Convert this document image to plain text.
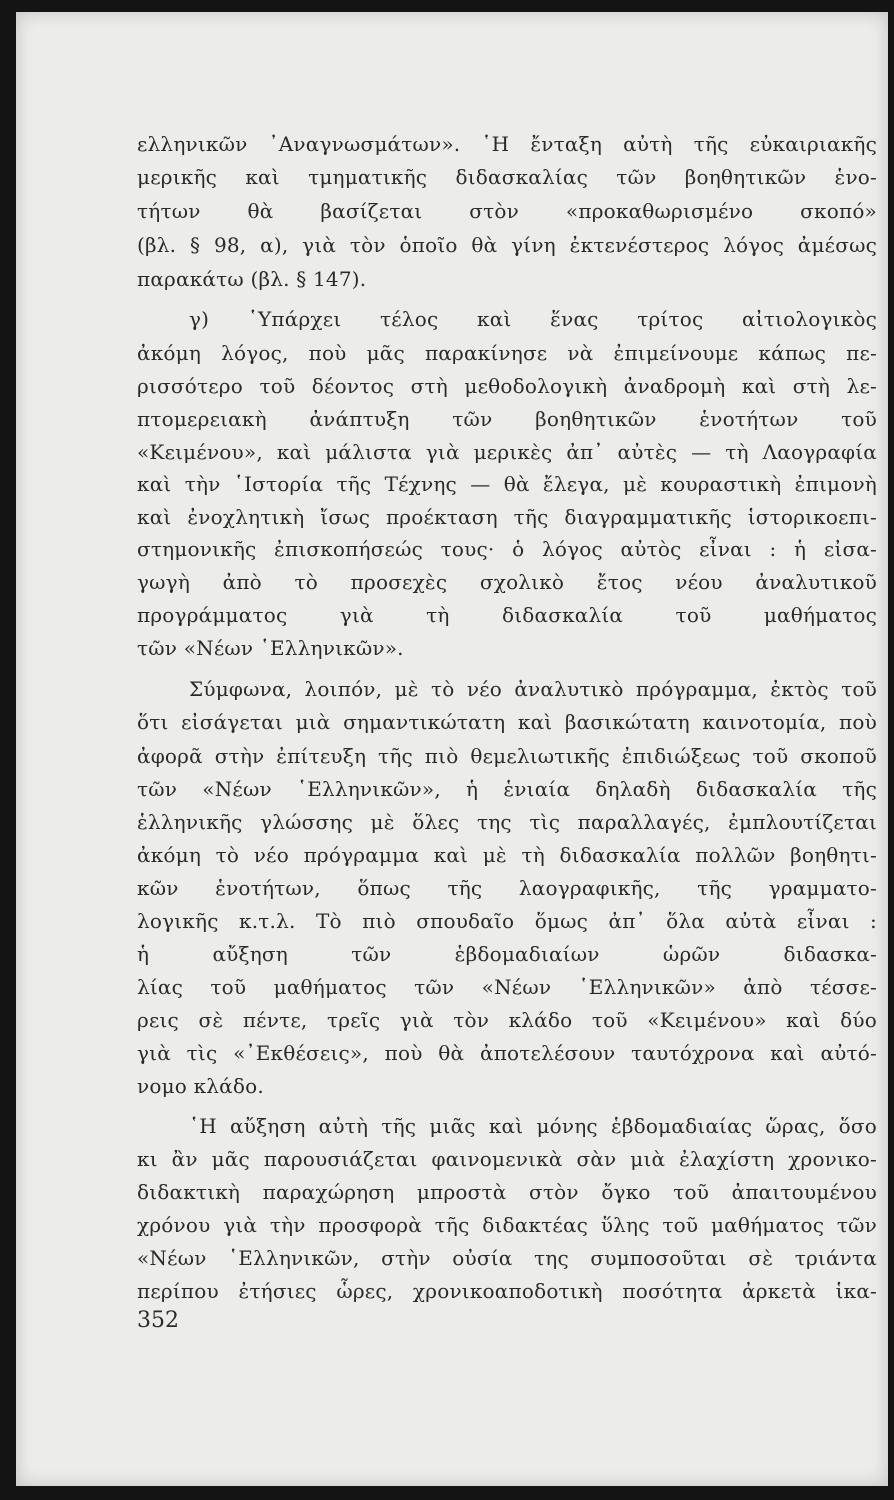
ελληνικῶν ᾿Αναγνωσμάτων». ῾Η ἔνταξη αὐτὴ τῆς εὐκαιριακῆς
μερικῆς καὶ τμηματικῆς διδασκαλίας τῶν βοηθητικῶν ἑνο-
τήτων θὰ βασίζεται στὸν «προκαθωρισμένο σκοπό»
(βλ. § 98, α), γιὰ τὸν ὁποῖο θὰ γίνη ἐκτενέστερος λόγος ἀμέσως
παρακάτω (βλ. § 147).
γ) ῾Υπάρχει τέλος καὶ ἕνας τρίτος αἰτιολογικὸς
ἀκόμη λόγος, ποὺ μᾶς παρακίνησε νὰ ἐπιμείνουμε κάπως πε-
ρισσότερο τοῦ δέοντος στὴ μεθοδολογικὴ ἀναδρομὴ καὶ στὴ λε-
πτομερειακὴ ἀνάπτυξη τῶν βοηθητικῶν ἑνοτήτων τοῦ
«Κειμένου», καὶ μάλιστα γιὰ μερικὲς ἀπ᾿ αὐτὲς — τὴ Λαογραφία
καὶ τὴν ῾Ιστορία τῆς Τέχνης — θὰ ἔλεγα, μὲ κουραστικὴ ἐπιμονὴ
καὶ ἐνοχλητικὴ ἴσως προέκταση τῆς διαγραμματικῆς ἱστορικοεπι-
στημονικῆς ἐπισκοπήσεώς τους· ὁ λόγος αὐτὸς εἶναι : ἡ εἰσα-
γωγὴ ἀπὸ τὸ προσεχὲς σχολικὸ ἔτος νέου ἀναλυτικοῦ
προγράμματος γιὰ τὴ διδασκαλία τοῦ μαθήματος
τῶν «Νέων ῾Ελληνικῶν».
Σύμφωνα, λοιπόν, μὲ τὸ νέο ἀναλυτικὸ πρόγραμμα, ἐκτὸς τοῦ
ὅτι εἰσάγεται μιὰ σημαντικώτατη καὶ βασικώτατη καινοτομία, ποὺ
ἀφορᾶ στὴν ἐπίτευξη τῆς πιὸ θεμελιωτικῆς ἐπιδιώξεως τοῦ σκοποῦ
τῶν «Νέων ῾Ελληνικῶν», ἡ ἑνιαία δηλαδὴ διδασκαλία τῆς
ἑλληνικῆς γλώσσης μὲ ὅλες της τὶς παραλλαγές, ἐμπλουτίζεται
ἀκόμη τὸ νέο πρόγραμμα καὶ μὲ τὴ διδασκαλία πολλῶν βοηθητι-
κῶν ἑνοτήτων, ὅπως τῆς λαογραφικῆς, τῆς γραμματο-
λογικῆς κ.τ.λ. Τὸ πιὸ σπουδαῖο ὅμως ἀπ᾿ ὅλα αὐτὰ εἶναι :
ἡ αὔξηση τῶν ἑβδομαδιαίων ὡρῶν διδασκα-
λίας τοῦ μαθήματος τῶν «Νέων ῾Ελληνικῶν» ἀπὸ τέσσε-
ρεις σὲ πέντε, τρεῖς γιὰ τὸν κλάδο τοῦ «Κειμένου» καὶ δύο
γιὰ τὶς «᾿Εκθέσεις», ποὺ θὰ ἀποτελέσουν ταυτόχρονα καὶ αὐτό-
νομο κλάδο.
῾Η αὔξηση αὐτὴ τῆς μιᾶς καὶ μόνης ἑβδομαδιαίας ὥρας, ὅσο
κι ἂν μᾶς παρουσιάζεται φαινομενικὰ σὰν μιὰ ἐλαχίστη χρονικο-
διδακτικὴ παραχώρηση μπροστὰ στὸν ὄγκο τοῦ ἀπαιτουμένου
χρόνου γιὰ τὴν προσφορὰ τῆς διδακτέας ὕλης τοῦ μαθήματος τῶν
«Νέων ῾Ελληνικῶν, στὴν οὐσία της συμποσοῦται σὲ τριάντα
περίπου ἐτήσιες ὧρες, χρονικοαποδοτικὴ ποσότητα ἀρκετὰ ἱκα-
352
